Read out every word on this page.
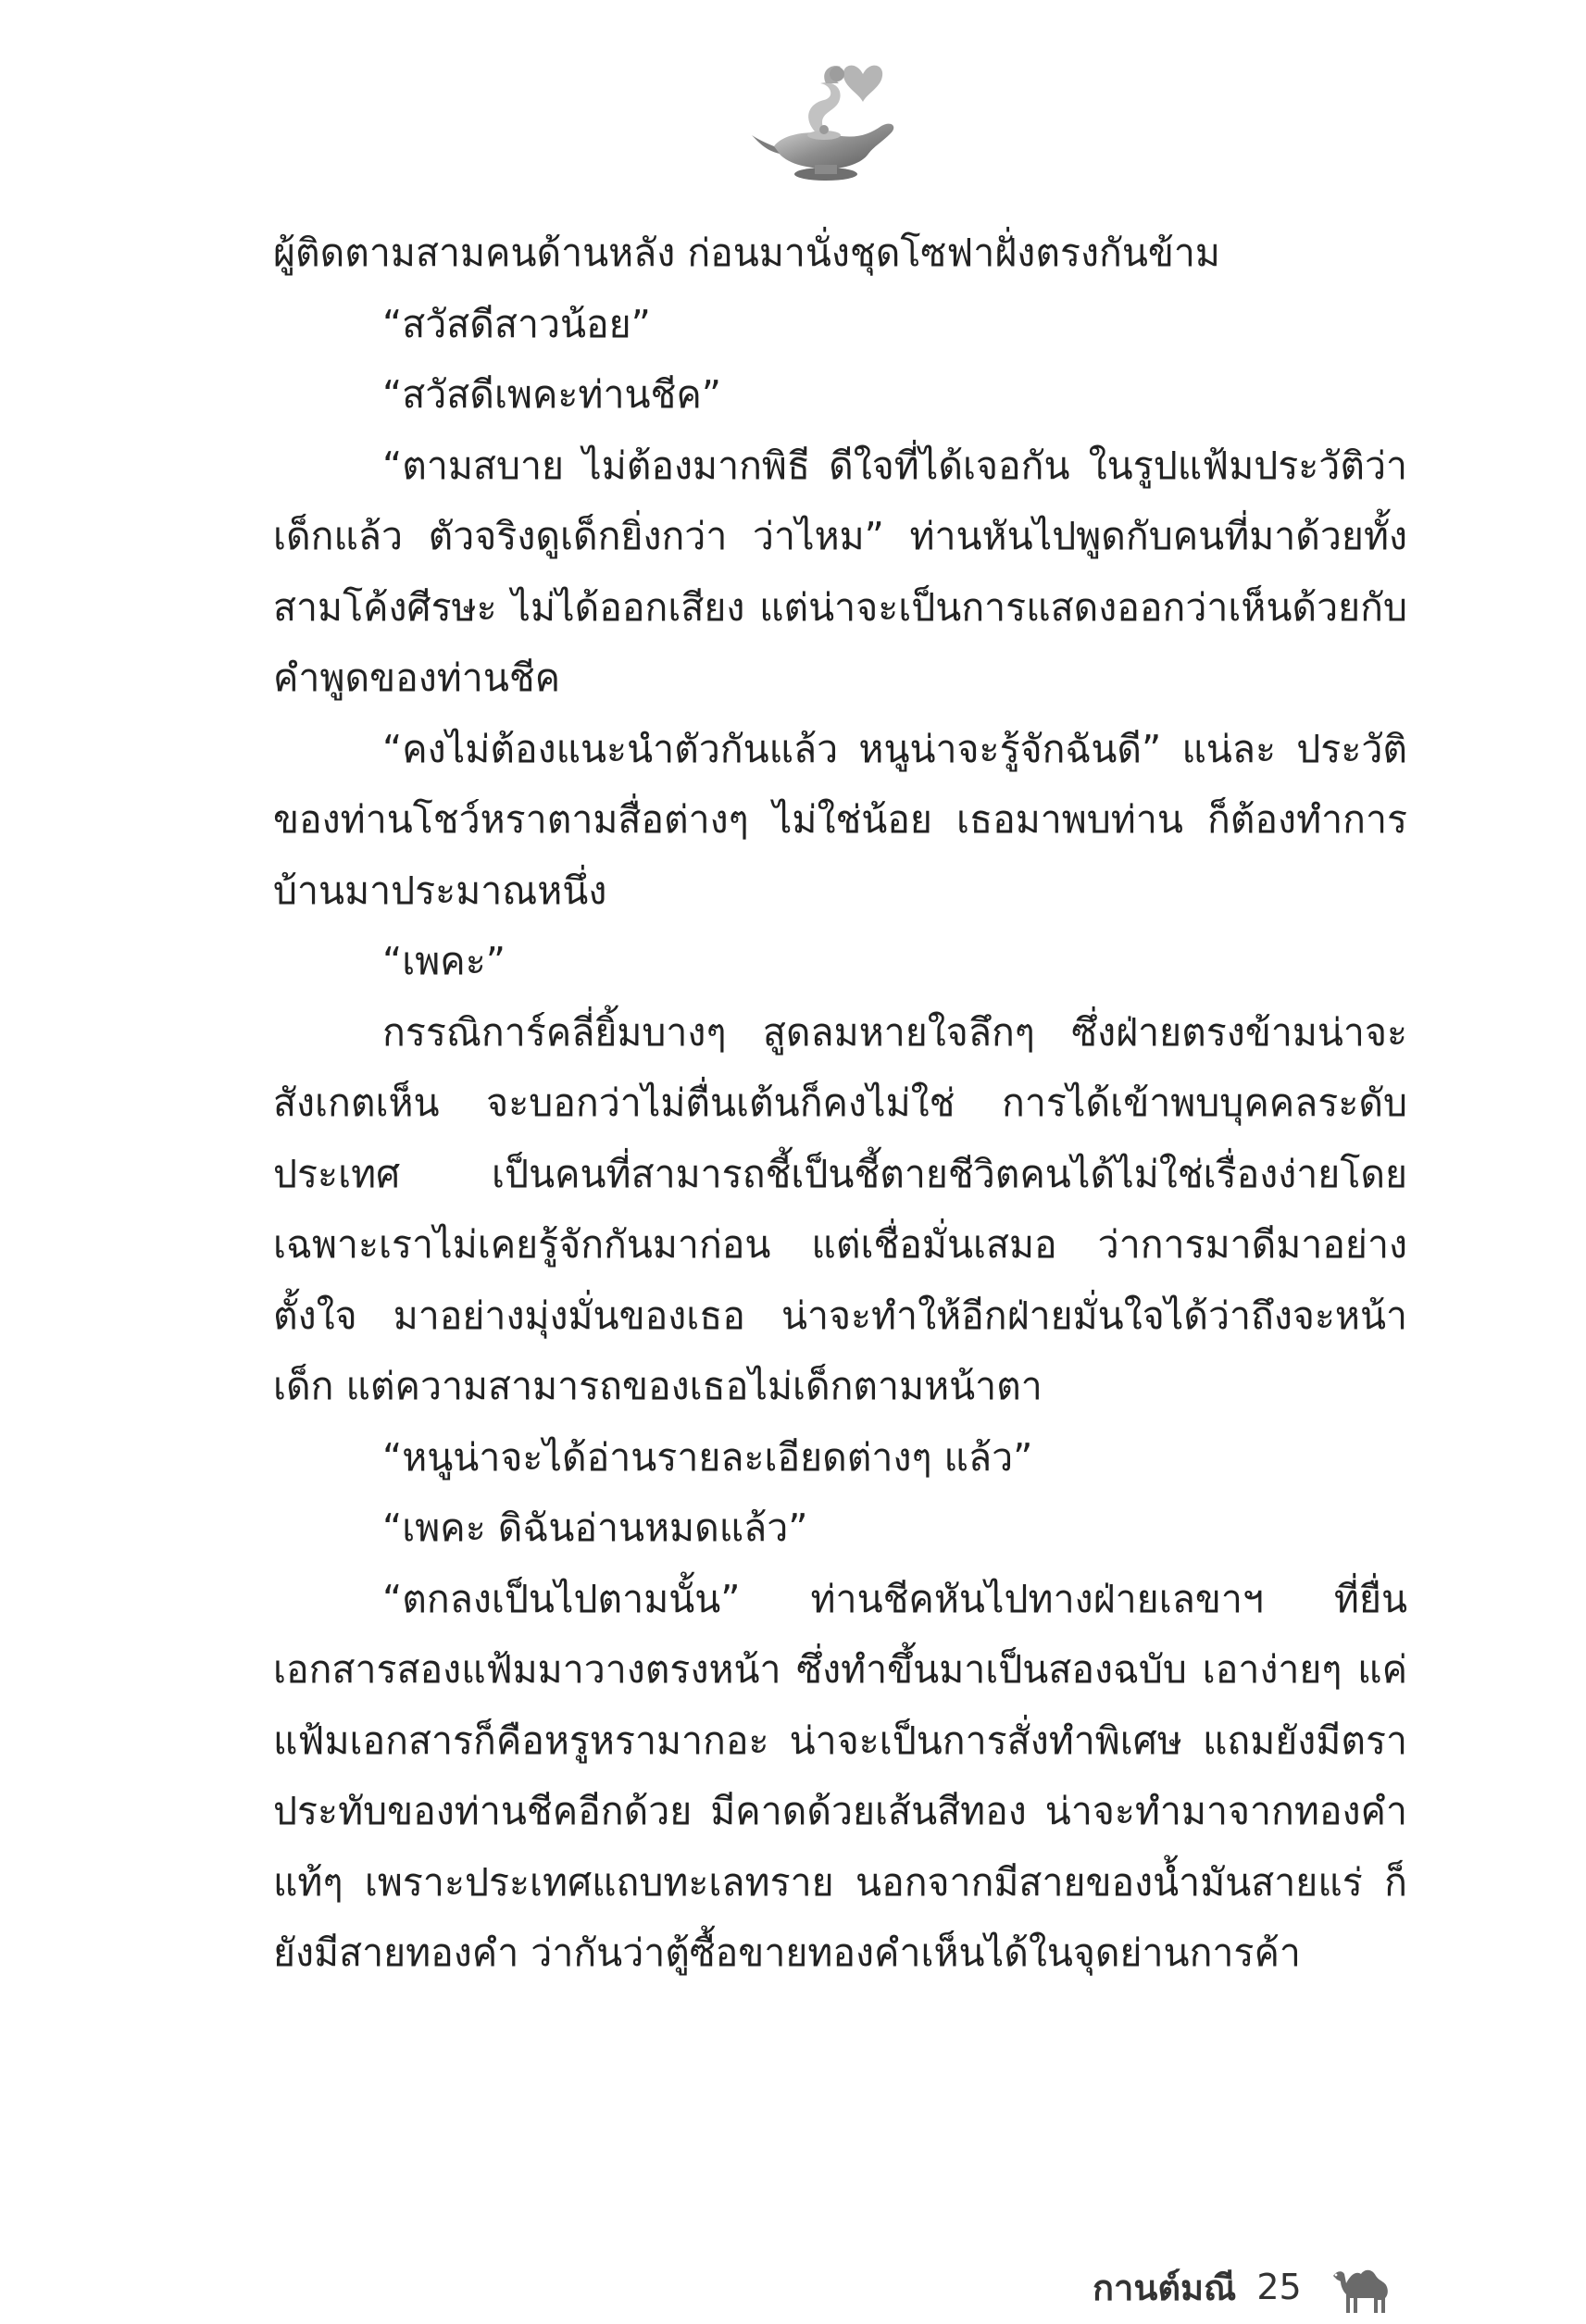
ผู้ติดตามสามคนด้านหลัง ก่อนมานั่งชุดโซฟาฝั่งตรงกันข้าม

“สวัสดีสาวน้อย”

“สวัสดีเพคะท่านชีค”

“ตามสบาย ไม่ต้องมากพิธี ดีใจที่ได้เจอกัน ในรูปแฟ้มประวัติว่าเด็กแล้ว ตัวจริงดูเด็กยิ่งกว่า ว่าไหม” ท่านหันไปพูดกับคนที่มาด้วยทั้งสามโค้งศีรษะ ไม่ได้ออกเสียง แต่น่าจะเป็นการแสดงออกว่าเห็นด้วยกับคำพูดของท่านชีค

“คงไม่ต้องแนะนำตัวกันแล้ว หนูน่าจะรู้จักฉันดี” แน่ละ ประวัติของท่านโชว์หราตามสื่อต่างๆ ไม่ใช่น้อย เธอมาพบท่าน ก็ต้องทำการบ้านมาประมาณหนึ่ง

“เพคะ”

กรรณิการ์คลี่ยิ้มบางๆ สูดลมหายใจลึกๆ ซึ่งฝ่ายตรงข้ามน่าจะสังเกตเห็น จะบอกว่าไม่ตื่นเต้นก็คงไม่ใช่ การได้เข้าพบบุคคลระดับประเทศ เป็นคนที่สามารถชี้เป็นชี้ตายชีวิตคนได้ไม่ใช่เรื่องง่ายโดยเฉพาะเราไม่เคยรู้จักกันมาก่อน แต่เชื่อมั่นเสมอ ว่าการมาดีมาอย่างตั้งใจ มาอย่างมุ่งมั่นของเธอ น่าจะทำให้อีกฝ่ายมั่นใจได้ว่าถึงจะหน้าเด็ก แต่ความสามารถของเธอไม่เด็กตามหน้าตา

“หนูน่าจะได้อ่านรายละเอียดต่างๆ แล้ว”

“เพคะ ดิฉันอ่านหมดแล้ว”

“ตกลงเป็นไปตามนั้น” ท่านชีคหันไปทางฝ่ายเลขาฯ ที่ยื่นเอกสารสองแฟ้มมาวางตรงหน้า ซึ่งทำขึ้นมาเป็นสองฉบับ เอาง่ายๆ แค่แฟ้มเอกสารก็คือหรูหรามากอะ น่าจะเป็นการสั่งทำพิเศษ แถมยังมีตราประทับของท่านชีคอีกด้วย มีคาดด้วยเส้นสีทอง น่าจะทำมาจากทองคำแท้ๆ เพราะประเทศแถบทะเลทราย นอกจากมีสายของน้ำมันสายแร่ ก็ยังมีสายทองคำ ว่ากันว่าตู้ซื้อขายทองคำเห็นได้ในจุดย่านการค้า

กานต์มณี 25
